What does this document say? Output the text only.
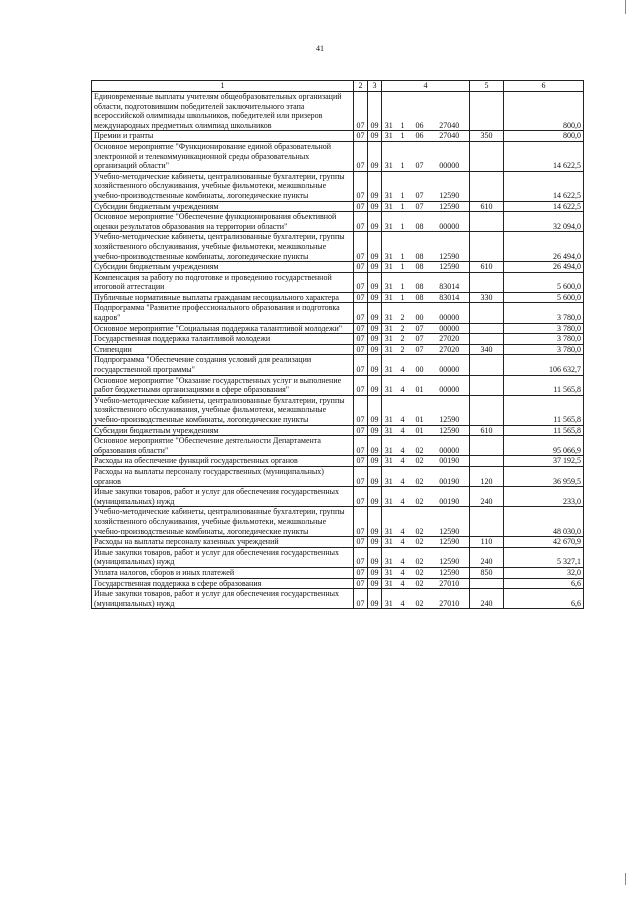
41
1	2	3	4				5	6
Единовременные выплаты учителям общеобразовательных организаций области, подготовившим победителей заключительного этапа всероссийской олимпиады школьников, победителей или призеров международных предметных олимпиад школьников	07	09	31	1	06	27040		800,0
Премии и гранты	07	09	31	1	06	27040	350	800,0
Основное мероприятие "Функционирование единой образовательной электронной и телекоммуникационной среды образовательных организаций области"	07	09	31	1	07	00000		14 622,5
Учебно-методические кабинеты, централизованные бухгалтерии, группы хозяйственного обслуживания, учебные фильмотеки, межшкольные учебно-производственные комбинаты, логопедические пункты	07	09	31	1	07	12590		14 622,5
Субсидии бюджетным учреждениям	07	09	31	1	07	12590	610	14 622,5
Основное мероприятие "Обеспечение функционирования объективной оценки результатов образования на территории области"	07	09	31	1	08	00000		32 094,0
Учебно-методические кабинеты, централизованные бухгалтерии, группы хозяйственного обслуживания, учебные фильмотеки, межшкольные учебно-производственные комбинаты, логопедические пункты	07	09	31	1	08	12590		26 494,0
Субсидии бюджетным учреждениям	07	09	31	1	08	12590	610	26 494,0
Компенсация за работу по подготовке и проведению государственной итоговой аттестации	07	09	31	1	08	83014		5 600,0
Публичные нормативные выплаты гражданам несоциального характера	07	09	31	1	08	83014	330	5 600,0
Подпрограмма "Развитие профессионального образования и подготовка кадров"	07	09	31	2	00	00000		3 780,0
Основное мероприятие "Социальная поддержка талантливой молодежи"	07	09	31	2	07	00000		3 780,0
Государственная поддержка талантливой молодежи	07	09	31	2	07	27020		3 780,0
Стипендии	07	09	31	2	07	27020	340	3 780,0
Подпрограмма "Обеспечение создания условий для реализации государственной программы"	07	09	31	4	00	00000		106 632,7
Основное мероприятие "Оказание государственных услуг и выполнение работ бюджетными организациями в сфере образования"	07	09	31	4	01	00000		11 565,8
Учебно-методические кабинеты, централизованные бухгалтерии, группы хозяйственного обслуживания, учебные фильмотеки, межшкольные учебно-производственные комбинаты, логопедические пункты	07	09	31	4	01	12590		11 565,8
Субсидии бюджетным учреждениям	07	09	31	4	01	12590	610	11 565,8
Основное мероприятие "Обеспечение деятельности Департамента образования области"	07	09	31	4	02	00000		95 066,9
Расходы на обеспечение функций государственных органов	07	09	31	4	02	00190		37 192,5
Расходы на выплаты персоналу государственных (муниципальных) органов	07	09	31	4	02	00190	120	36 959,5
Иные закупки товаров, работ и услуг для обеспечения государственных (муниципальных) нужд	07	09	31	4	02	00190	240	233,0
Учебно-методические кабинеты, централизованные бухгалтерии, группы хозяйственного обслуживания, учебные фильмотеки, межшкольные учебно-производственные комбинаты, логопедические пункты	07	09	31	4	02	12590		48 030,0
Расходы на выплаты персоналу казенных учреждений	07	09	31	4	02	12590	110	42 670,9
Иные закупки товаров, работ и услуг для обеспечения государственных (муниципальных) нужд	07	09	31	4	02	12590	240	5 327,1
Уплата налогов, сборов и иных платежей	07	09	31	4	02	12590	850	32,0
Государственная поддержка в сфере образования	07	09	31	4	02	27010		6,6
Иные закупки товаров, работ и услуг для обеспечения государственных (муниципальных) нужд	07	09	31	4	02	27010	240	6,6
